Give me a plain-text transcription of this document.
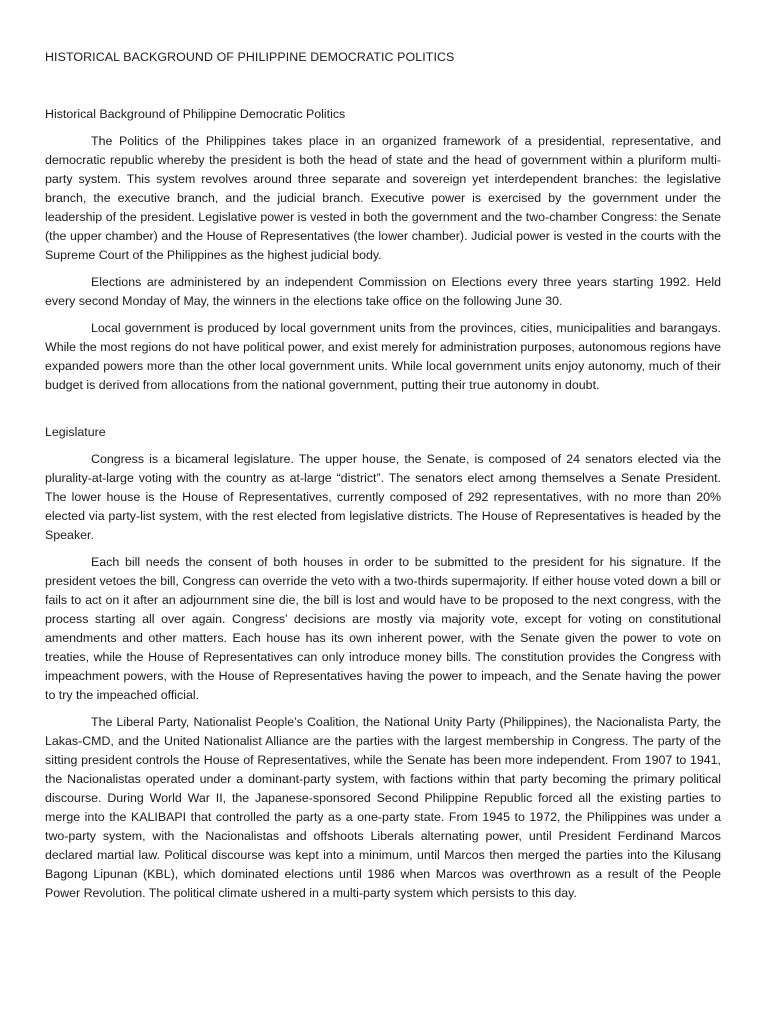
HISTORICAL BACKGROUND OF PHILIPPINE DEMOCRATIC POLITICS
Historical Background of Philippine Democratic Politics

The Politics of the Philippines takes place in an organized framework of a presidential, representative, and democratic republic whereby the president is both the head of state and the head of government within a pluriform multi-party system. This system revolves around three separate and sovereign yet interdependent branches: the legislative branch, the executive branch, and the judicial branch. Executive power is exercised by the government under the leadership of the president. Legislative power is vested in both the government and the two-chamber Congress: the Senate (the upper chamber) and the House of Representatives (the lower chamber). Judicial power is vested in the courts with the Supreme Court of the Philippines as the highest judicial body.

Elections are administered by an independent Commission on Elections every three years starting 1992. Held every second Monday of May, the winners in the elections take office on the following June 30.

Local government is produced by local government units from the provinces, cities, municipalities and barangays. While the most regions do not have political power, and exist merely for administration purposes, autonomous regions have expanded powers more than the other local government units. While local government units enjoy autonomy, much of their budget is derived from allocations from the national government, putting their true autonomy in doubt.

Legislature

Congress is a bicameral legislature. The upper house, the Senate, is composed of 24 senators elected via the plurality-at-large voting with the country as at-large “district”. The senators elect among themselves a Senate President. The lower house is the House of Representatives, currently composed of 292 representatives, with no more than 20% elected via party-list system, with the rest elected from legislative districts. The House of Representatives is headed by the Speaker.

Each bill needs the consent of both houses in order to be submitted to the president for his signature. If the president vetoes the bill, Congress can override the veto with a two-thirds supermajority. If either house voted down a bill or fails to act on it after an adjournment sine die, the bill is lost and would have to be proposed to the next congress, with the process starting all over again. Congress’ decisions are mostly via majority vote, except for voting on constitutional amendments and other matters. Each house has its own inherent power, with the Senate given the power to vote on treaties, while the House of Representatives can only introduce money bills. The constitution provides the Congress with impeachment powers, with the House of Representatives having the power to impeach, and the Senate having the power to try the impeached official.

The Liberal Party, Nationalist People’s Coalition, the National Unity Party (Philippines), the Nacionalista Party, the Lakas-CMD, and the United Nationalist Alliance are the parties with the largest membership in Congress. The party of the sitting president controls the House of Representatives, while the Senate has been more independent. From 1907 to 1941, the Nacionalistas operated under a dominant-party system, with factions within that party becoming the primary political discourse. During World War II, the Japanese-sponsored Second Philippine Republic forced all the existing parties to merge into the KALIBAPI that controlled the party as a one-party state. From 1945 to 1972, the Philippines was under a two-party system, with the Nacionalistas and offshoots Liberals alternating power, until President Ferdinand Marcos declared martial law. Political discourse was kept into a minimum, until Marcos then merged the parties into the Kilusang Bagong Lipunan (KBL), which dominated elections until 1986 when Marcos was overthrown as a result of the People Power Revolution. The political climate ushered in a multi-party system which persists to this day.
